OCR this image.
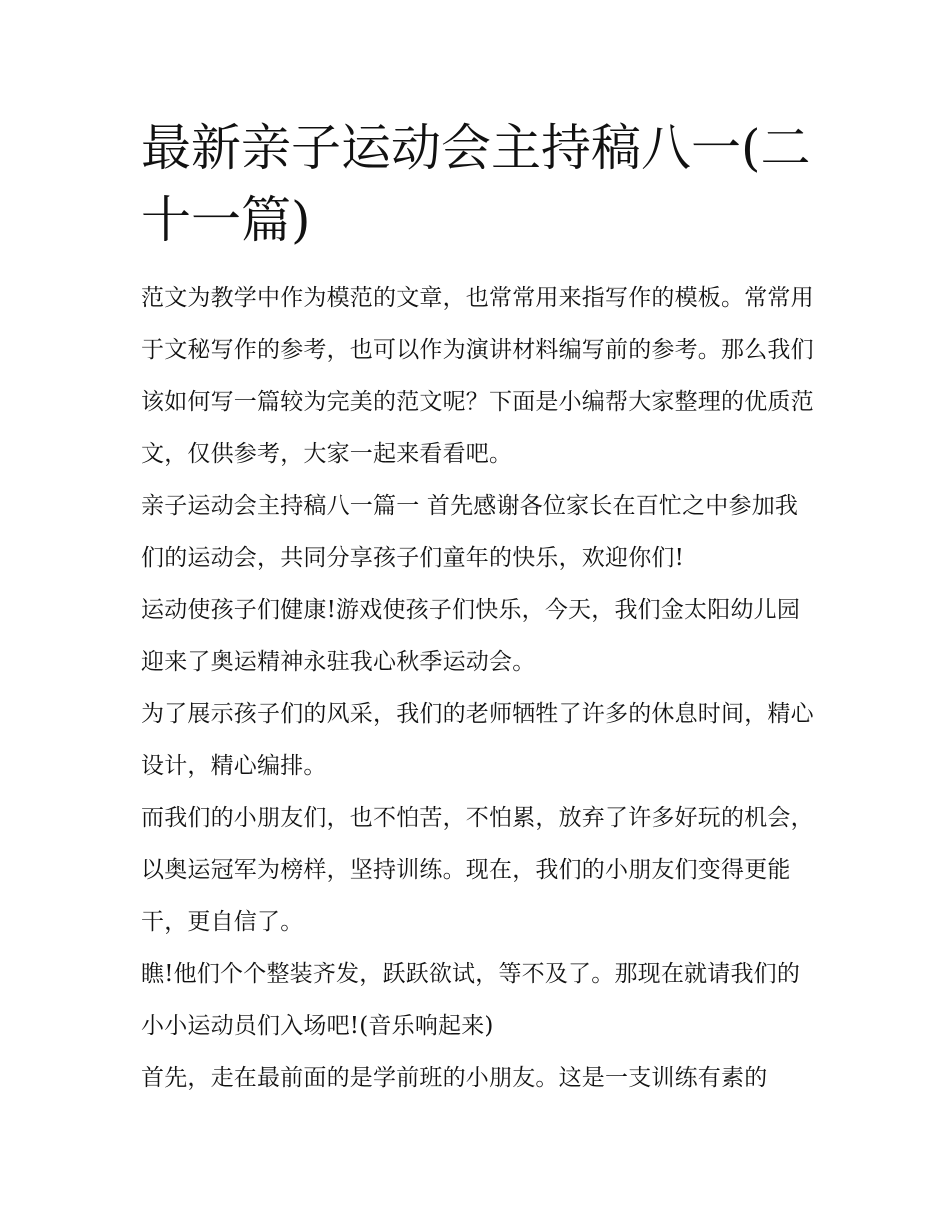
最新亲子运动会主持稿八一(二十一篇)

范文为教学中作为模范的文章，也常常用来指写作的模板。常常用于文秘写作的参考，也可以作为演讲材料编写前的参考。那么我们该如何写一篇较为完美的范文呢？下面是小编帮大家整理的优质范文，仅供参考，大家一起来看看吧。

亲子运动会主持稿八一篇一 首先感谢各位家长在百忙之中参加我们的运动会，共同分享孩子们童年的快乐，欢迎你们!

运动使孩子们健康!游戏使孩子们快乐，今天，我们金太阳幼儿园迎来了奥运精神永驻我心秋季运动会。

为了展示孩子们的风采，我们的老师牺牲了许多的休息时间，精心设计，精心编排。

而我们的小朋友们，也不怕苦，不怕累，放弃了许多好玩的机会，以奥运冠军为榜样，坚持训练。现在，我们的小朋友们变得更能干，更自信了。

瞧!他们个个整装齐发，跃跃欲试，等不及了。那现在就请我们的小小运动员们入场吧!(音乐响起来)

首先，走在最前面的是学前班的小朋友。这是一支训练有素的
